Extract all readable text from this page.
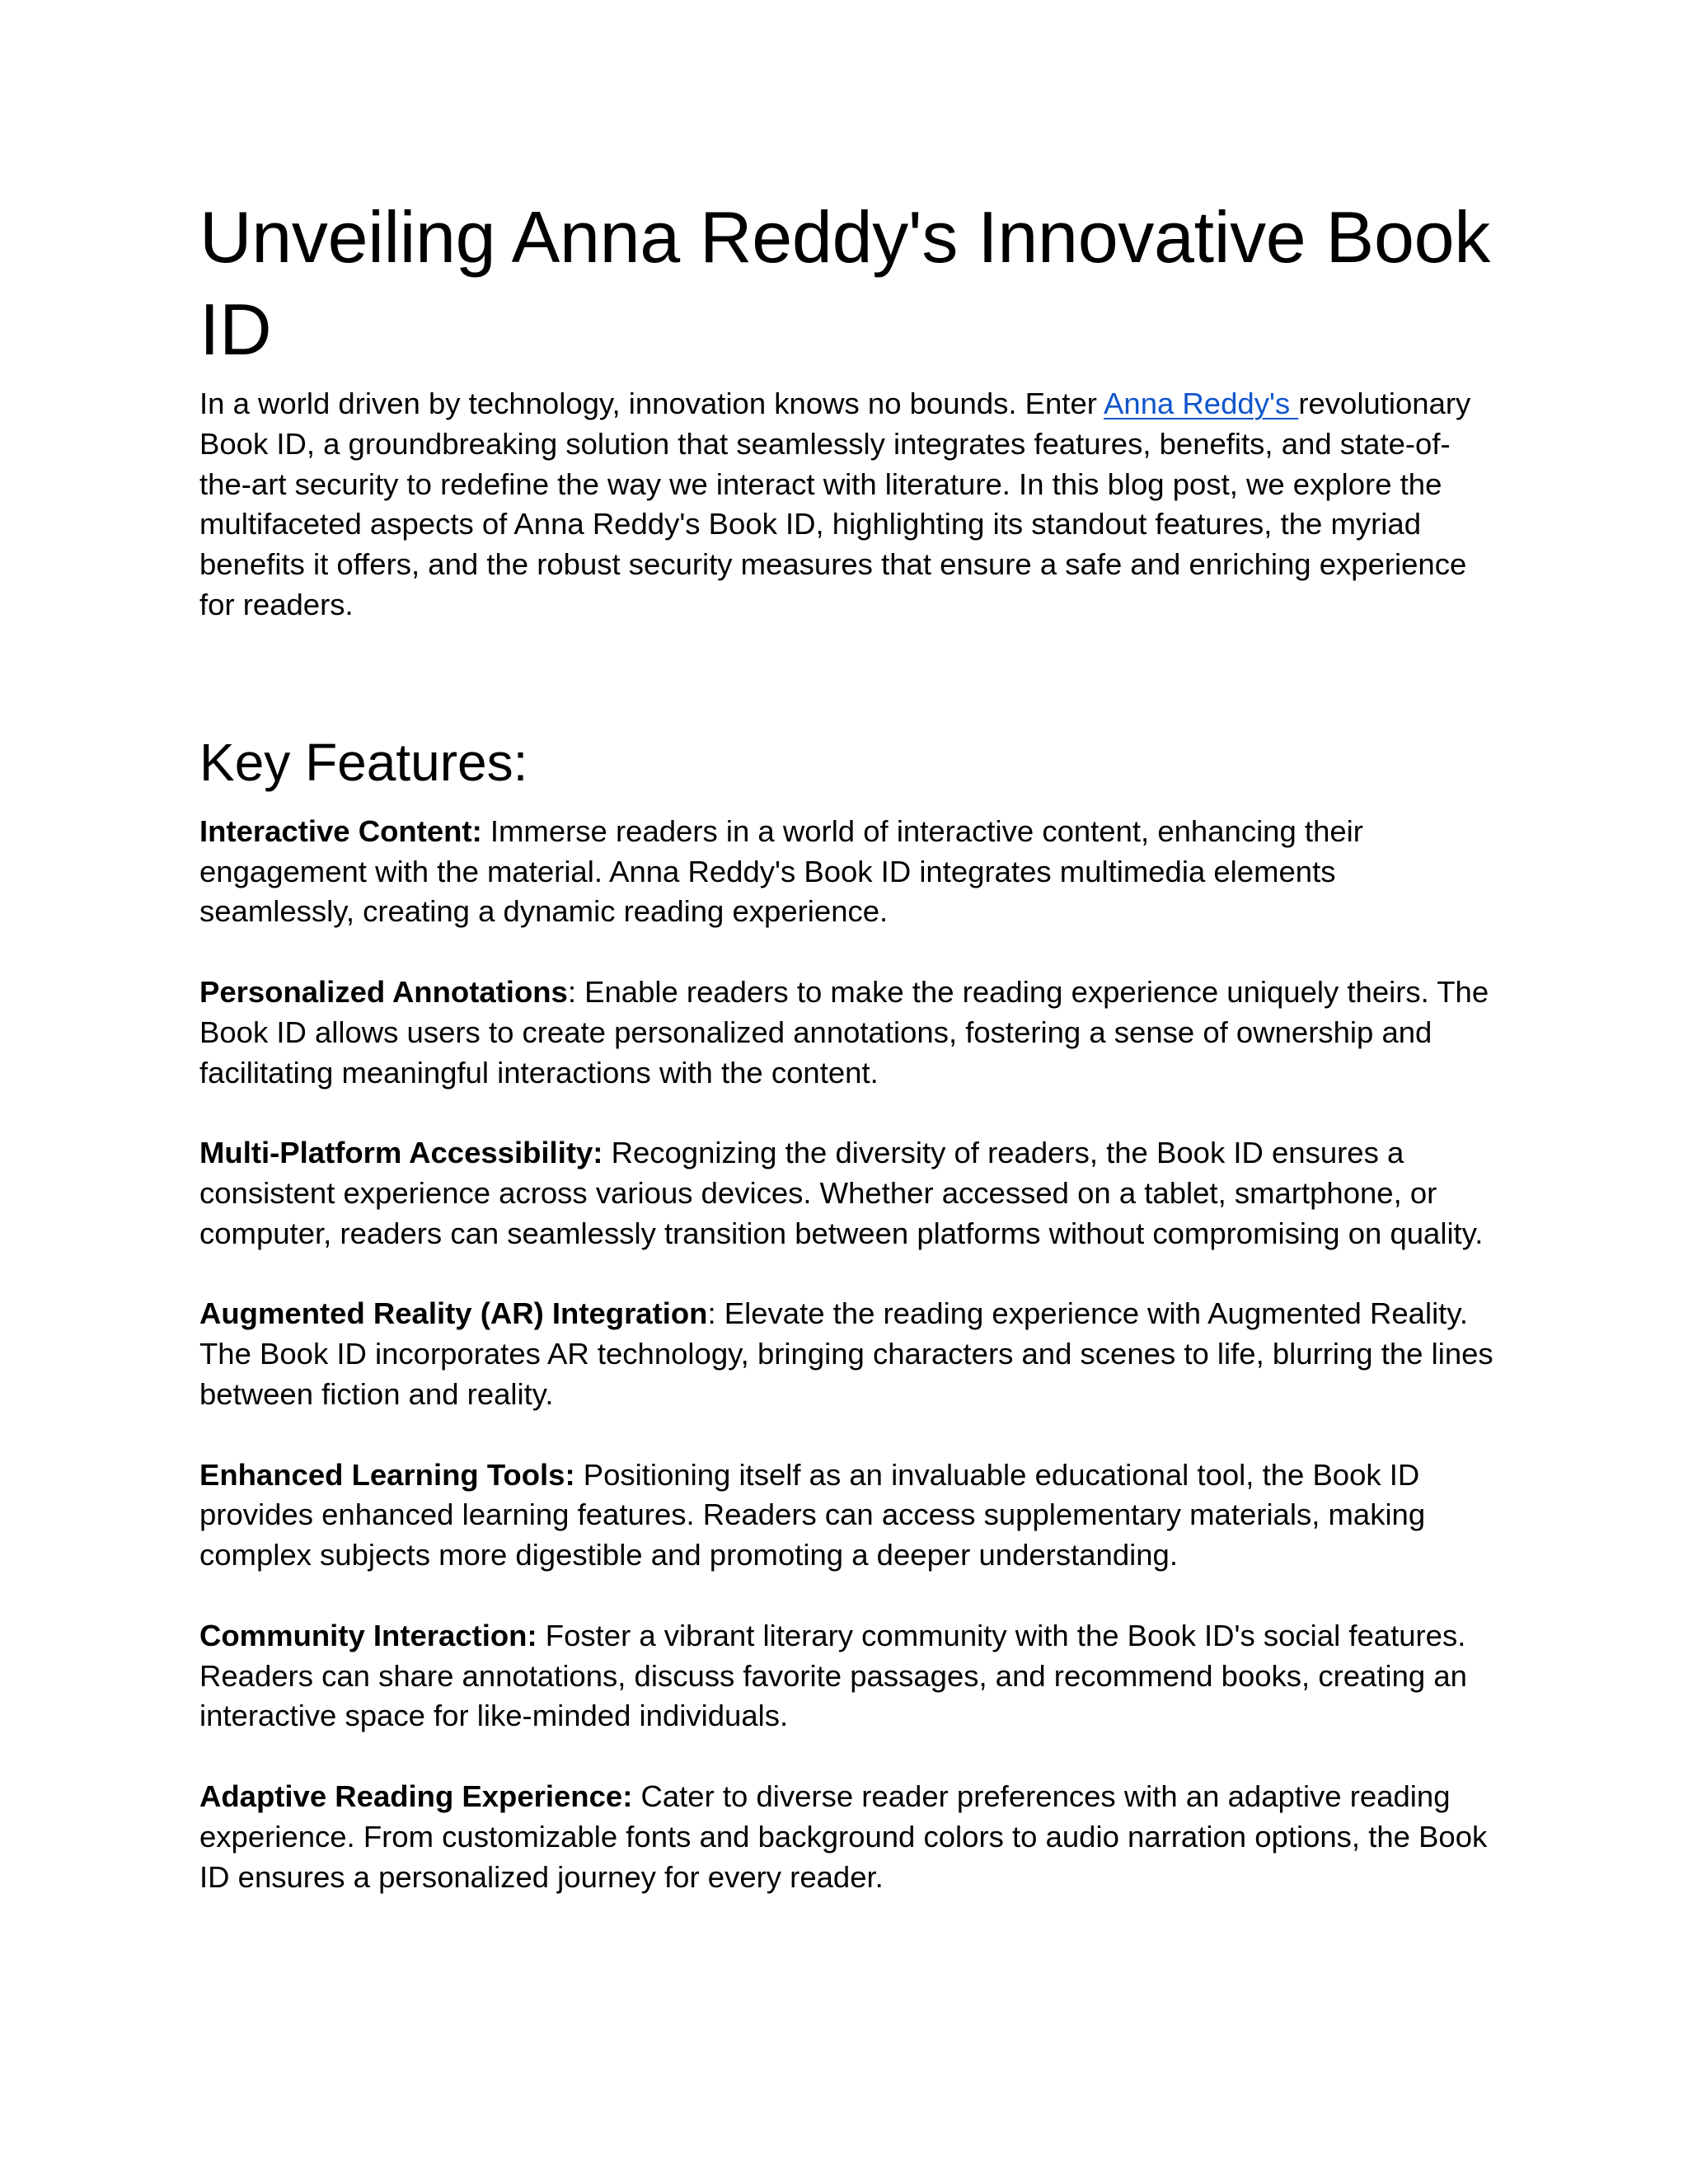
Unveiling Anna Reddy's Innovative Book ID

In a world driven by technology, innovation knows no bounds. Enter Anna Reddy's revolutionary Book ID, a groundbreaking solution that seamlessly integrates features, benefits, and state-of-the-art security to redefine the way we interact with literature. In this blog post, we explore the multifaceted aspects of Anna Reddy's Book ID, highlighting its standout features, the myriad benefits it offers, and the robust security measures that ensure a safe and enriching experience for readers.

Key Features:

Interactive Content: Immerse readers in a world of interactive content, enhancing their engagement with the material. Anna Reddy's Book ID integrates multimedia elements seamlessly, creating a dynamic reading experience.

Personalized Annotations: Enable readers to make the reading experience uniquely theirs. The Book ID allows users to create personalized annotations, fostering a sense of ownership and facilitating meaningful interactions with the content.

Multi-Platform Accessibility: Recognizing the diversity of readers, the Book ID ensures a consistent experience across various devices. Whether accessed on a tablet, smartphone, or computer, readers can seamlessly transition between platforms without compromising on quality.

Augmented Reality (AR) Integration: Elevate the reading experience with Augmented Reality. The Book ID incorporates AR technology, bringing characters and scenes to life, blurring the lines between fiction and reality.

Enhanced Learning Tools: Positioning itself as an invaluable educational tool, the Book ID provides enhanced learning features. Readers can access supplementary materials, making complex subjects more digestible and promoting a deeper understanding.

Community Interaction: Foster a vibrant literary community with the Book ID's social features. Readers can share annotations, discuss favorite passages, and recommend books, creating an interactive space for like-minded individuals.

Adaptive Reading Experience: Cater to diverse reader preferences with an adaptive reading experience. From customizable fonts and background colors to audio narration options, the Book ID ensures a personalized journey for every reader.
